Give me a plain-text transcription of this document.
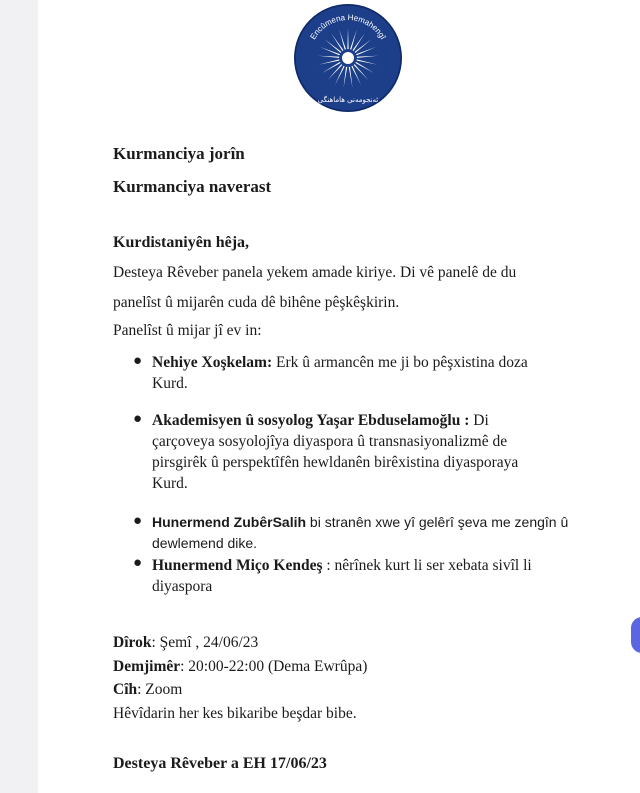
Encûmena Hemahengî
ئەنجومەنی هاماهنگی
Kurmanciya jorîn
Kurmanciya naverast
Kurdistaniyên hêja,
Desteya Rêveber panela yekem amade kiriye. Di vê panelê de du
panelîst û mijarên cuda dê bihêne pêşkêşkirin.
Panelîst û mijar jî ev in:
● Nehiye Xoşkelam: Erk û armancên me ji bo pêşxistina doza
Kurd.
● Akademisyen û sosyolog Yaşar Ebduselamoğlu : Di
çarçoveya sosyolojîya diyaspora û transnasiyonalizmê de
pirsgirêk û perspektîfên hewldanên birêxistina diyasporaya
Kurd.
● Hunermend ZubêrSalih bi stranên xwe yî gelêrî şeva me zengîn û
dewlemend dike.
● Hunermend Miço Kendeş : nêrînek kurt li ser xebata sivîl li
diyaspora
Dîrok: Şemî , 24/06/23
Demjimêr: 20:00-22:00 (Dema Ewrûpa)
Cîh: Zoom
Hêvîdarin her kes bikaribe beşdar bibe.
Desteya Rêveber a EH 17/06/23
